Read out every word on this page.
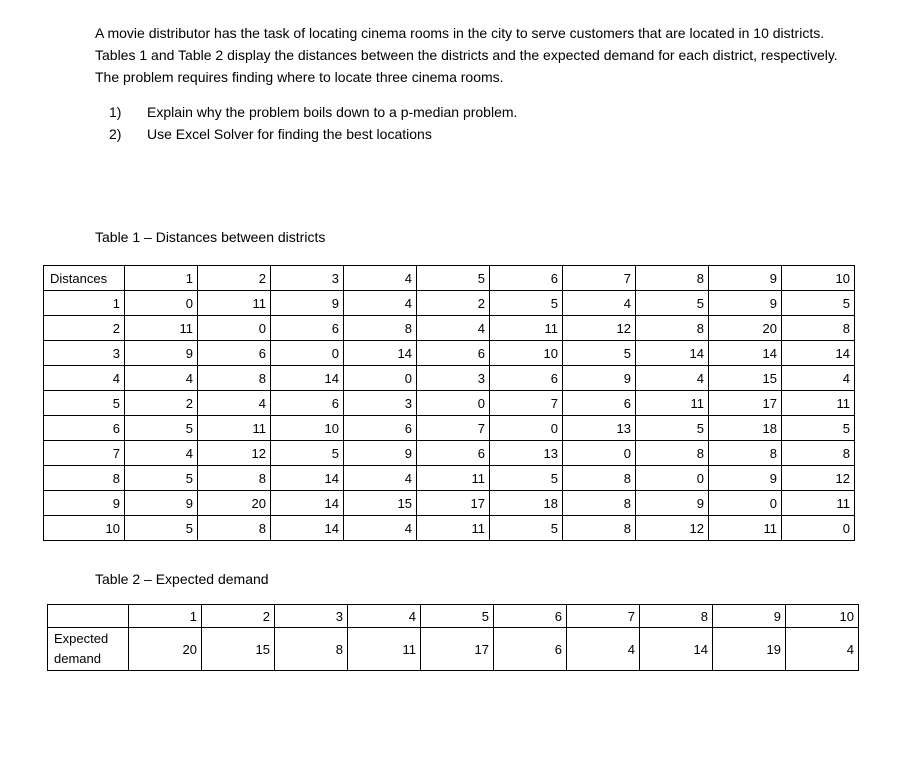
A movie distributor has the task of locating cinema rooms in the city to serve customers that are located in 10 districts. Tables 1 and Table 2 display the distances between the districts and the expected demand for each district, respectively. The problem requires finding where to locate three cinema rooms.

1) Explain why the problem boils down to a p-median problem.
2) Use Excel Solver for finding the best locations

Table 1 – Distances between districts

Distances	1	2	3	4	5	6	7	8	9	10
1	0	11	9	4	2	5	4	5	9	5
2	11	0	6	8	4	11	12	8	20	8
3	9	6	0	14	6	10	5	14	14	14
4	4	8	14	0	3	6	9	4	15	4
5	2	4	6	3	0	7	6	11	17	11
6	5	11	10	6	7	0	13	5	18	5
7	4	12	5	9	6	13	0	8	8	8
8	5	8	14	4	11	5	8	0	9	12
9	9	20	14	15	17	18	8	9	0	11
10	5	8	14	4	11	5	8	12	11	0

Table 2 – Expected demand

	1	2	3	4	5	6	7	8	9	10
Expected
demand	20	15	8	11	17	6	4	14	19	4
